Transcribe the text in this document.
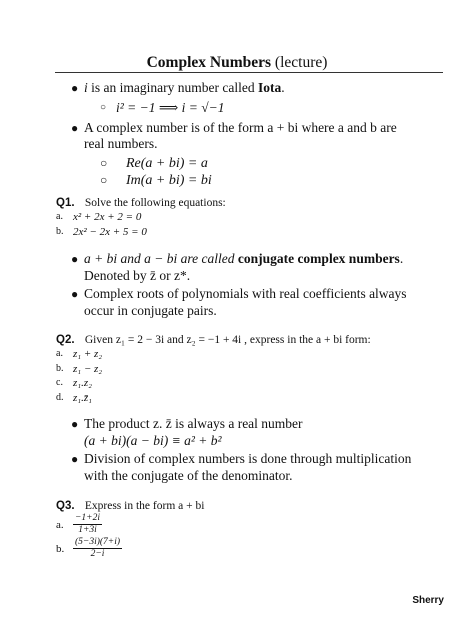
Complex Numbers (lecture)
● i is an imaginary number called Iota.
○ i² = −1 ⟹ i = √−1
● A complex number is of the form a + bi where a and b are
real numbers.
○ Re(a + bi) = a
○ Im(a + bi) = bi
Q1. Solve the following equations:
a. x² + 2x + 2 = 0
b. 2x² − 2x + 5 = 0
● a + bi and a − bi are called conjugate complex numbers.
Denoted by z̄ or z*.
● Complex roots of polynomials with real coefficients always
occur in conjugate pairs.
Q2. Given z₁ = 2 − 3i and z₂ = −1 + 4i , express in the a + bi form:
a. z₁ + z₂
b. z₁ − z₂
c. z₁.z₂
d. z₁.z̄₁
● The product z. z̄ is always a real number
(a + bi)(a − bi) ≡ a² + b²
● Division of complex numbers is done through multiplication
with the conjugate of the denominator.
Q3. Express in the form a + bi
a. $\frac{-1+2i}{1+3i}$
b. $\frac{(5-3i)(7+i)}{2-i}$
Sherry
